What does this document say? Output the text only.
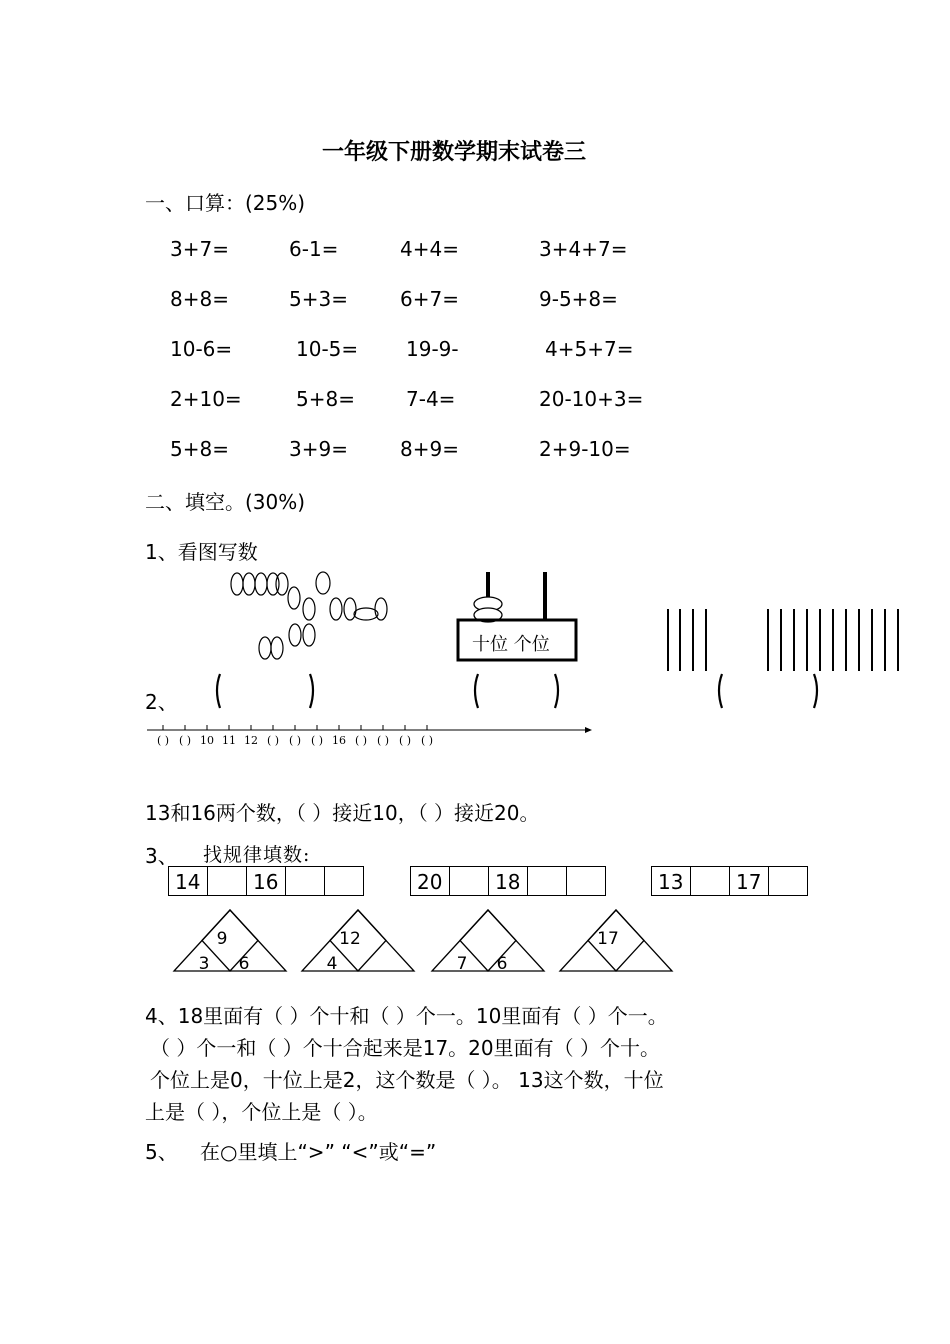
一年级下册数学期末试卷三
一、口算：(25%)
3+7=	6-1=	4+4=	3+4+7=
8+8=	5+3=	6+7=	9-5+8=
10-6=	10-5= 19-9-	4+5+7=
2+10=	5+8=	7-4=	20-10+3=
5+8=	3+9=	8+9=	2+9-10=
二、填空。(30%)
1、看图写数
十位 个位
2、
( ) ( ) 10 11 12 ( ) ( ) ( ) 16 ( ) ( ) ( ) ( )
13和16两个数，（ ）接近10，（ ）接近20。
3、 找规律填数:
14	16	20	18	13	17
9
3 6
12
4	7 6
17
4、18里面有（ ）个十和（ ）个一。10里面有（ ）个一。
（ ）个一和（ ）个十合起来是17。20里面有（ ）个十。
个位上是0，十位上是2，这个数是（ ）。 13这个数，十位
上是（ ），个位上是（ ）。
5、 在○里填上“>” “<”或“=”
